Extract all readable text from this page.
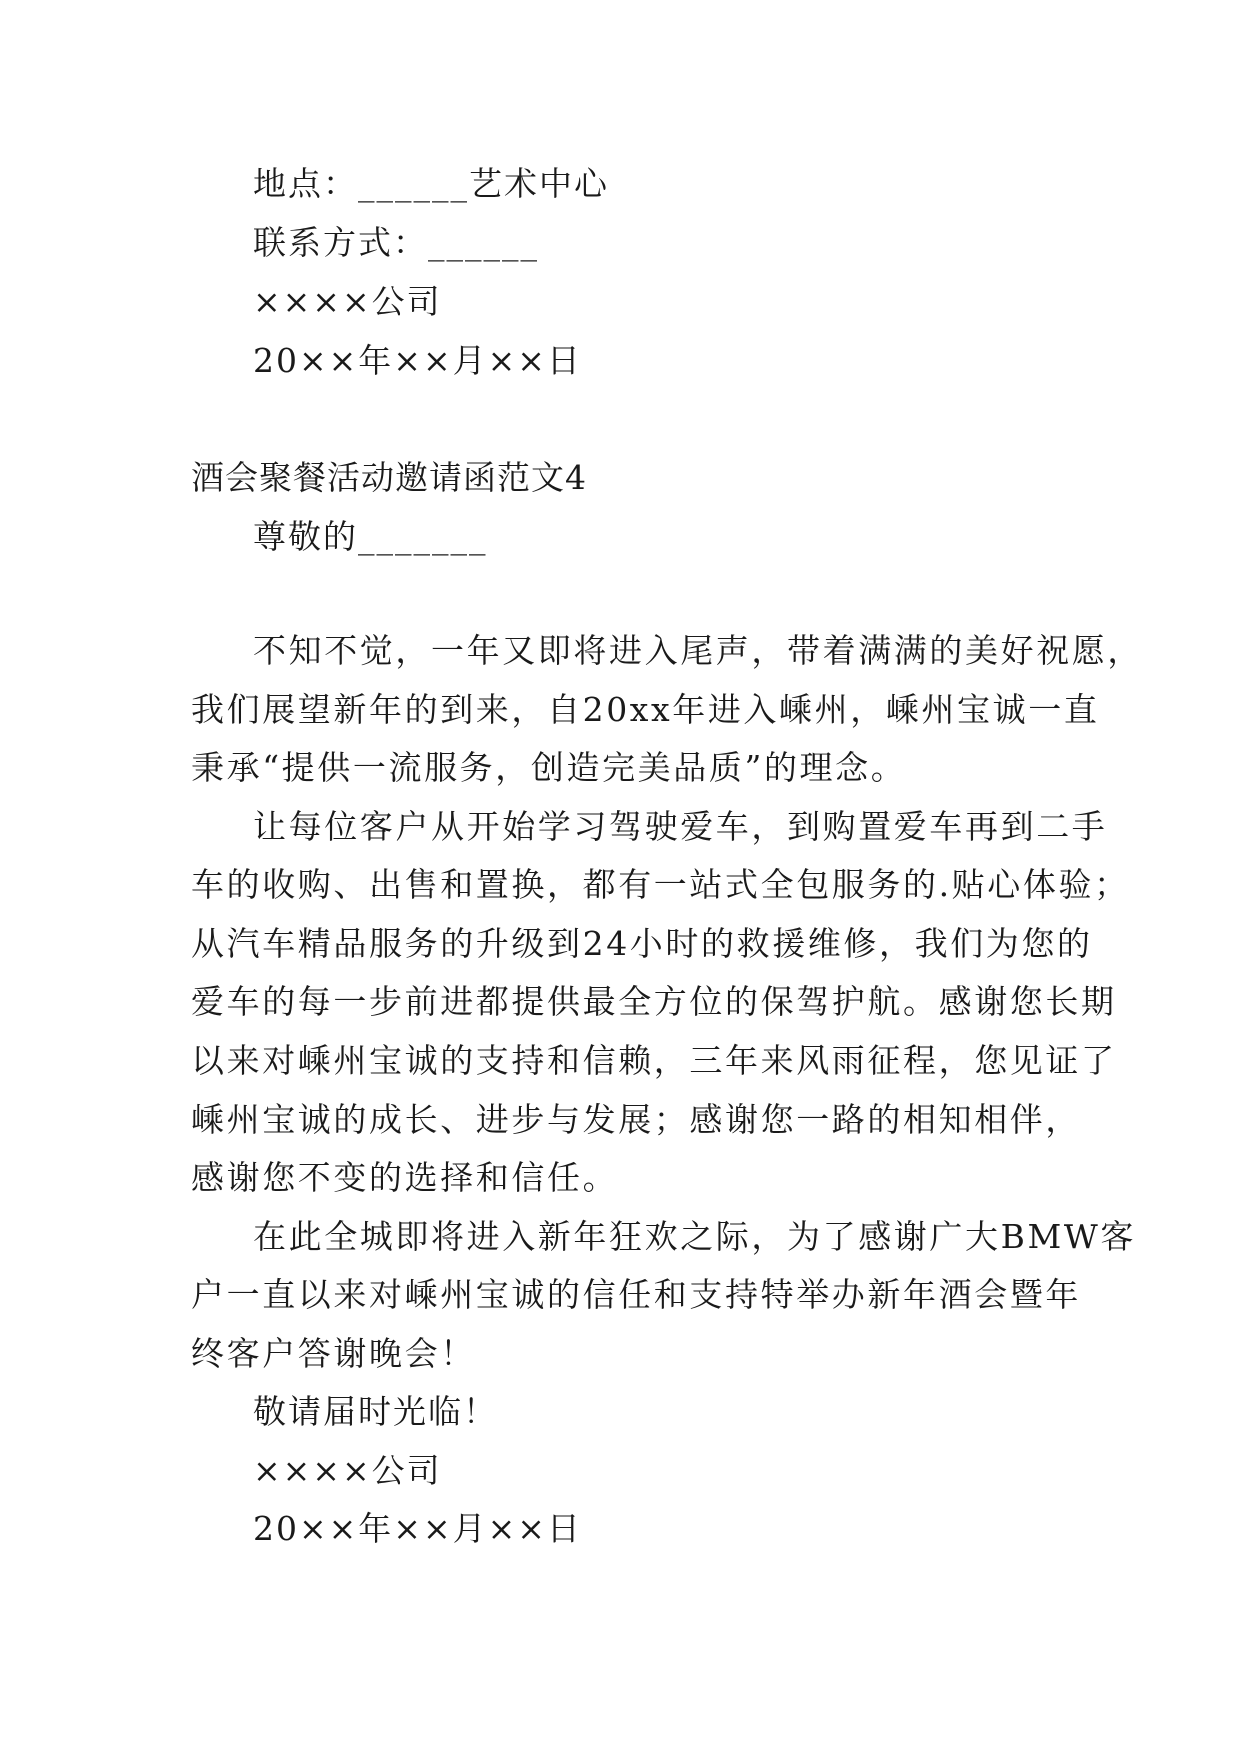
地点：______艺术中心
联系方式：______
××××公司
20××年××月××日
酒会聚餐活动邀请函范文4
尊敬的_______
不知不觉，一年又即将进入尾声，带着满满的美好祝愿，
我们展望新年的到来，自20xx年进入嵊州，嵊州宝诚一直
秉承“提供一流服务，创造完美品质”的理念。
让每位客户从开始学习驾驶爱车，到购置爱车再到二手
车的收购、出售和置换，都有一站式全包服务的.贴心体验；
从汽车精品服务的升级到24小时的救援维修，我们为您的
爱车的每一步前进都提供最全方位的保驾护航。感谢您长期
以来对嵊州宝诚的支持和信赖，三年来风雨征程，您见证了
嵊州宝诚的成长、进步与发展；感谢您一路的相知相伴，
感谢您不变的选择和信任。
在此全城即将进入新年狂欢之际，为了感谢广大BMW客
户一直以来对嵊州宝诚的信任和支持特举办新年酒会暨年
终客户答谢晚会！
敬请届时光临！
××××公司
20××年××月××日
